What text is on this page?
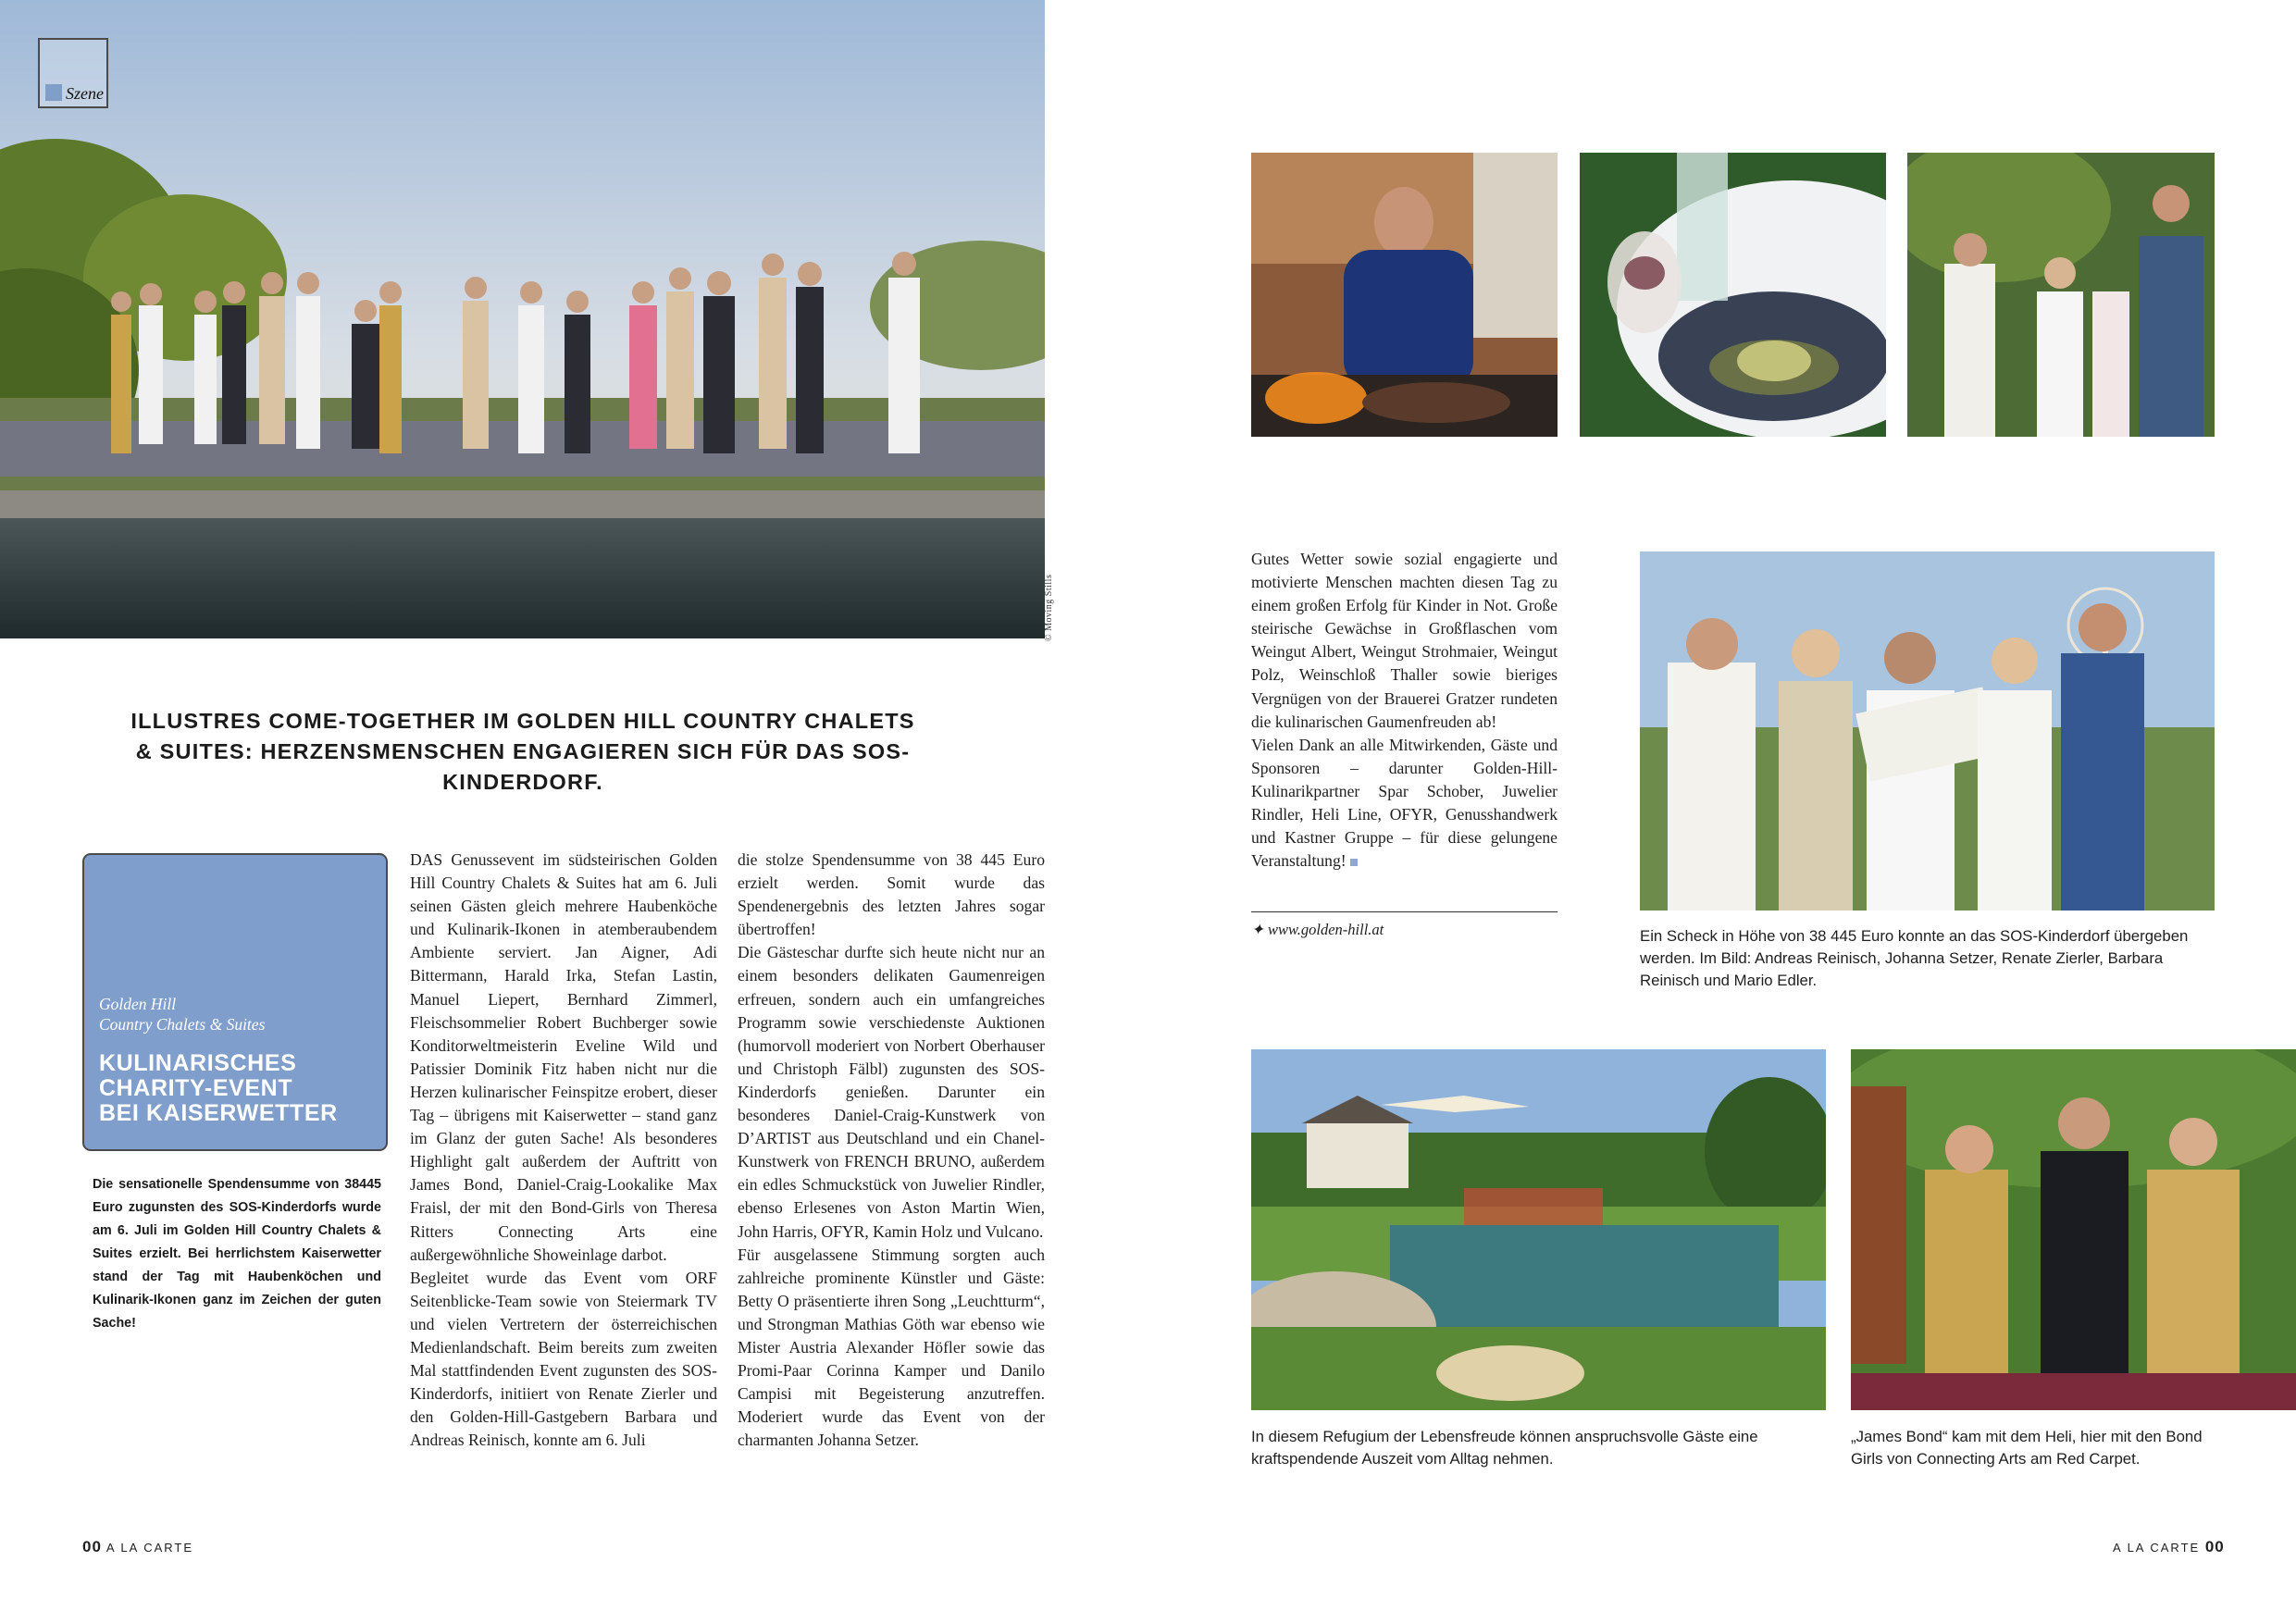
Szene
© Moving Stills
ILLUSTRES COME-TOGETHER IM GOLDEN HILL COUNTRY CHALETS & SUITES: HERZENSMENSCHEN ENGAGIEREN SICH FÜR DAS SOS-KINDERDORF.
Golden Hill
Country Chalets & Suites
KULINARISCHES
CHARITY-EVENT
BEI KAISERWETTER
Die sensationelle Spendensumme von 38445 Euro zugunsten des SOS-Kinderdorfs wurde am 6. Juli im Golden Hill Country Chalets & Suites erzielt. Bei herrlichstem Kaiserwetter stand der Tag mit Haubenköchen und Kulinarik-Ikonen ganz im Zeichen der guten Sache!

DAS Genussevent im südsteirischen Golden Hill Country Chalets & Suites hat am 6. Juli seinen Gästen gleich mehrere Haubenköche und Kulinarik-Ikonen in atemberaubendem Ambiente serviert. Jan Aigner, Adi Bittermann, Harald Irka, Stefan Lastin, Manuel Liepert, Bernhard Zimmerl, Fleischsommelier Robert Buchberger sowie Konditorweltmeisterin Eveline Wild und Patissier Dominik Fitz haben nicht nur die Herzen kulinarischer Feinspitze erobert, dieser Tag – übrigens mit Kaiserwetter – stand ganz im Glanz der guten Sache! Als besonderes Highlight galt außerdem der Auftritt von James Bond, Daniel-Craig-Lookalike Max Fraisl, der mit den Bond-Girls von Theresa Ritters Connecting Arts eine außergewöhnliche Showeinlage darbot.

Begleitet wurde das Event vom ORF Seitenblicke-Team sowie von Steiermark TV und vielen Vertretern der österreichischen Medienlandschaft. Beim bereits zum zweiten Mal stattfindenden Event zugunsten des SOS-Kinderdorfs, initiiert von Renate Zierler und den Golden-Hill-Gastgebern Barbara und Andreas Reinisch, konnte am 6. Juli

die stolze Spendensumme von 38 445 Euro erzielt werden. Somit wurde das Spendenergebnis des letzten Jahres sogar übertroffen!

Die Gästeschar durfte sich heute nicht nur an einem besonders delikaten Gaumenreigen erfreuen, sondern auch ein umfangreiches Programm sowie verschiedenste Auktionen (humorvoll moderiert von Norbert Oberhauser und Christoph Fälbl) zugunsten des SOS-Kinderdorfs genießen. Darunter ein besonderes Daniel-Craig-Kunstwerk von D’ARTIST aus Deutschland und ein Chanel-Kunstwerk von FRENCH BRUNO, außerdem ein edles Schmuckstück von Juwelier Rindler, ebenso Erlesenes von Aston Martin Wien, John Harris, OFYR, Kamin Holz und Vulcano.

Für ausgelassene Stimmung sorgten auch zahlreiche prominente Künstler und Gäste: Betty O präsentierte ihren Song „Leuchtturm“, und Strongman Mathias Göth war ebenso wie Mister Austria Alexander Höfler sowie das Promi-Paar Corinna Kamper und Danilo Campisi mit Begeisterung anzutreffen. Moderiert wurde das Event von der charmanten Johanna Setzer.

00 A LA CARTE

Gutes Wetter sowie sozial engagierte und motivierte Menschen machten diesen Tag zu einem großen Erfolg für Kinder in Not. Große steirische Gewächse in Großflaschen vom Weingut Albert, Weingut Strohmaier, Weingut Polz, Weinschloß Thaller sowie bieriges Vergnügen von der Brauerei Gratzer rundeten die kulinarischen Gaumenfreuden ab!

Vielen Dank an alle Mitwirkenden, Gäste und Sponsoren – darunter Golden-Hill-Kulinarikpartner Spar Schober, Juwelier Rindler, Heli Line, OFYR, Genusshandwerk und Kastner Gruppe – für diese gelungene Veranstaltung!

✦ www.golden-hill.at	Ein Scheck in Höhe von 38 445 Euro konnte an das SOS-Kinderdorf übergeben werden. Im Bild: Andreas Reinisch, Johanna Setzer, Renate Zierler, Barbara Reinisch und Mario Edler.
In diesem Refugium der Lebensfreude können anspruchsvolle Gäste eine kraftspendende Auszeit vom Alltag nehmen.
„James Bond“ kam mit dem Heli, hier mit den Bond Girls von Connecting Arts am Red Carpet.
A LA CARTE 00
